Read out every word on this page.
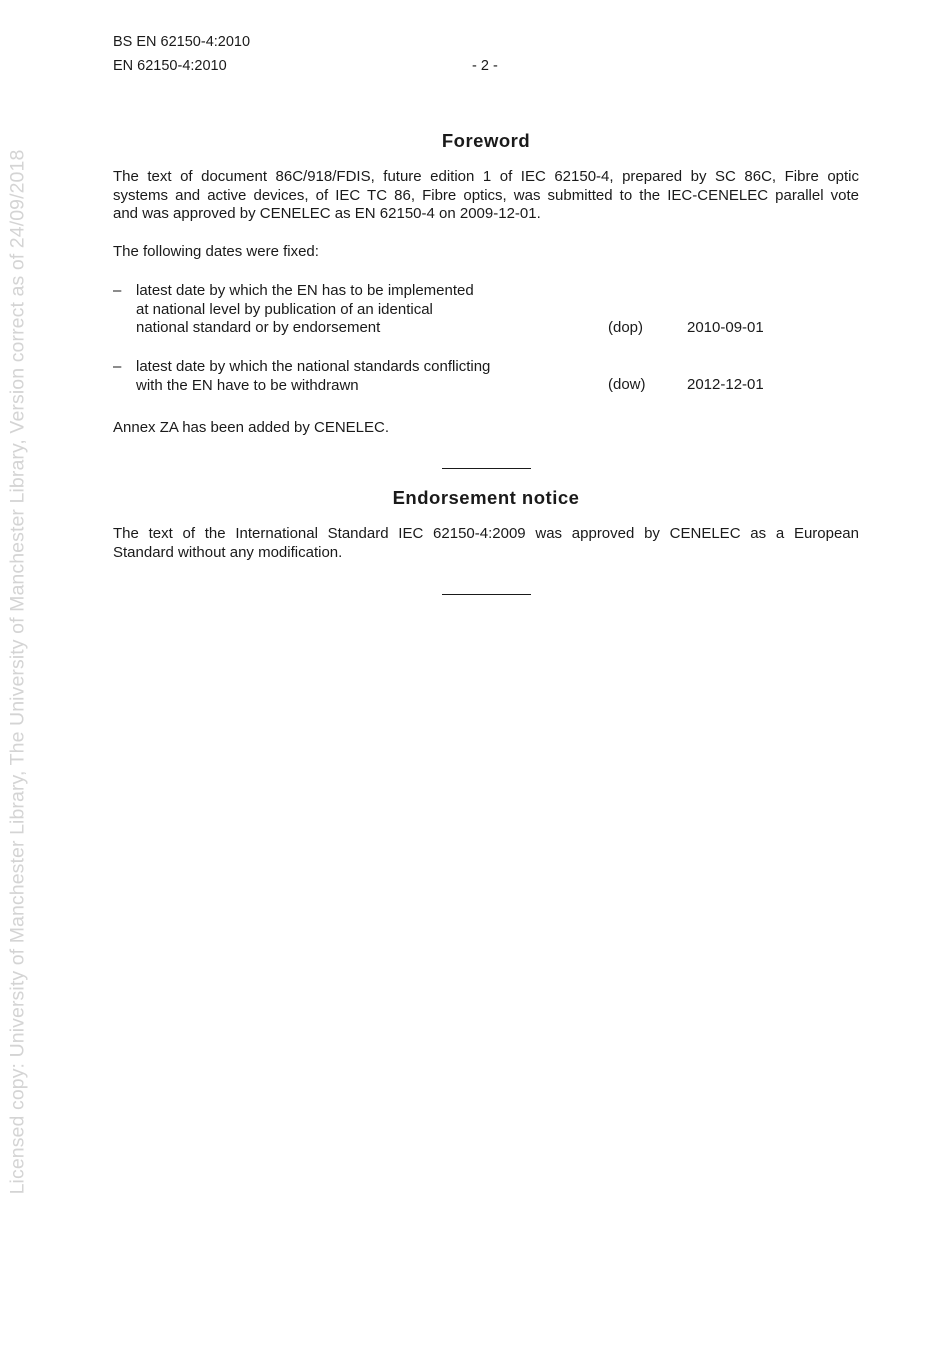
Licensed copy: University of Manchester Library, The University of Manchester Library, Version correct as of 24/09/2018
BS EN 62150-4:2010
EN 62150-4:2010	- 2 -
Foreword
The text of document 86C/918/FDIS, future edition 1 of IEC 62150-4, prepared by SC 86C, Fibre optic
systems and active devices, of IEC TC 86, Fibre optics, was submitted to the IEC-CENELEC parallel vote
and was approved by CENELEC as EN 62150-4 on 2009-12-01.
The following dates were fixed:
– latest date by which the EN has to be implemented
at national level by publication of an identical
national standard or by endorsement	(dop)	2010-09-01
– latest date by which the national standards conflicting
with the EN have to be withdrawn	(dow)	2012-12-01
Annex ZA has been added by CENELEC.
Endorsement notice
The text of the International Standard IEC 62150-4:2009 was approved by CENELEC as a European
Standard without any modification.
